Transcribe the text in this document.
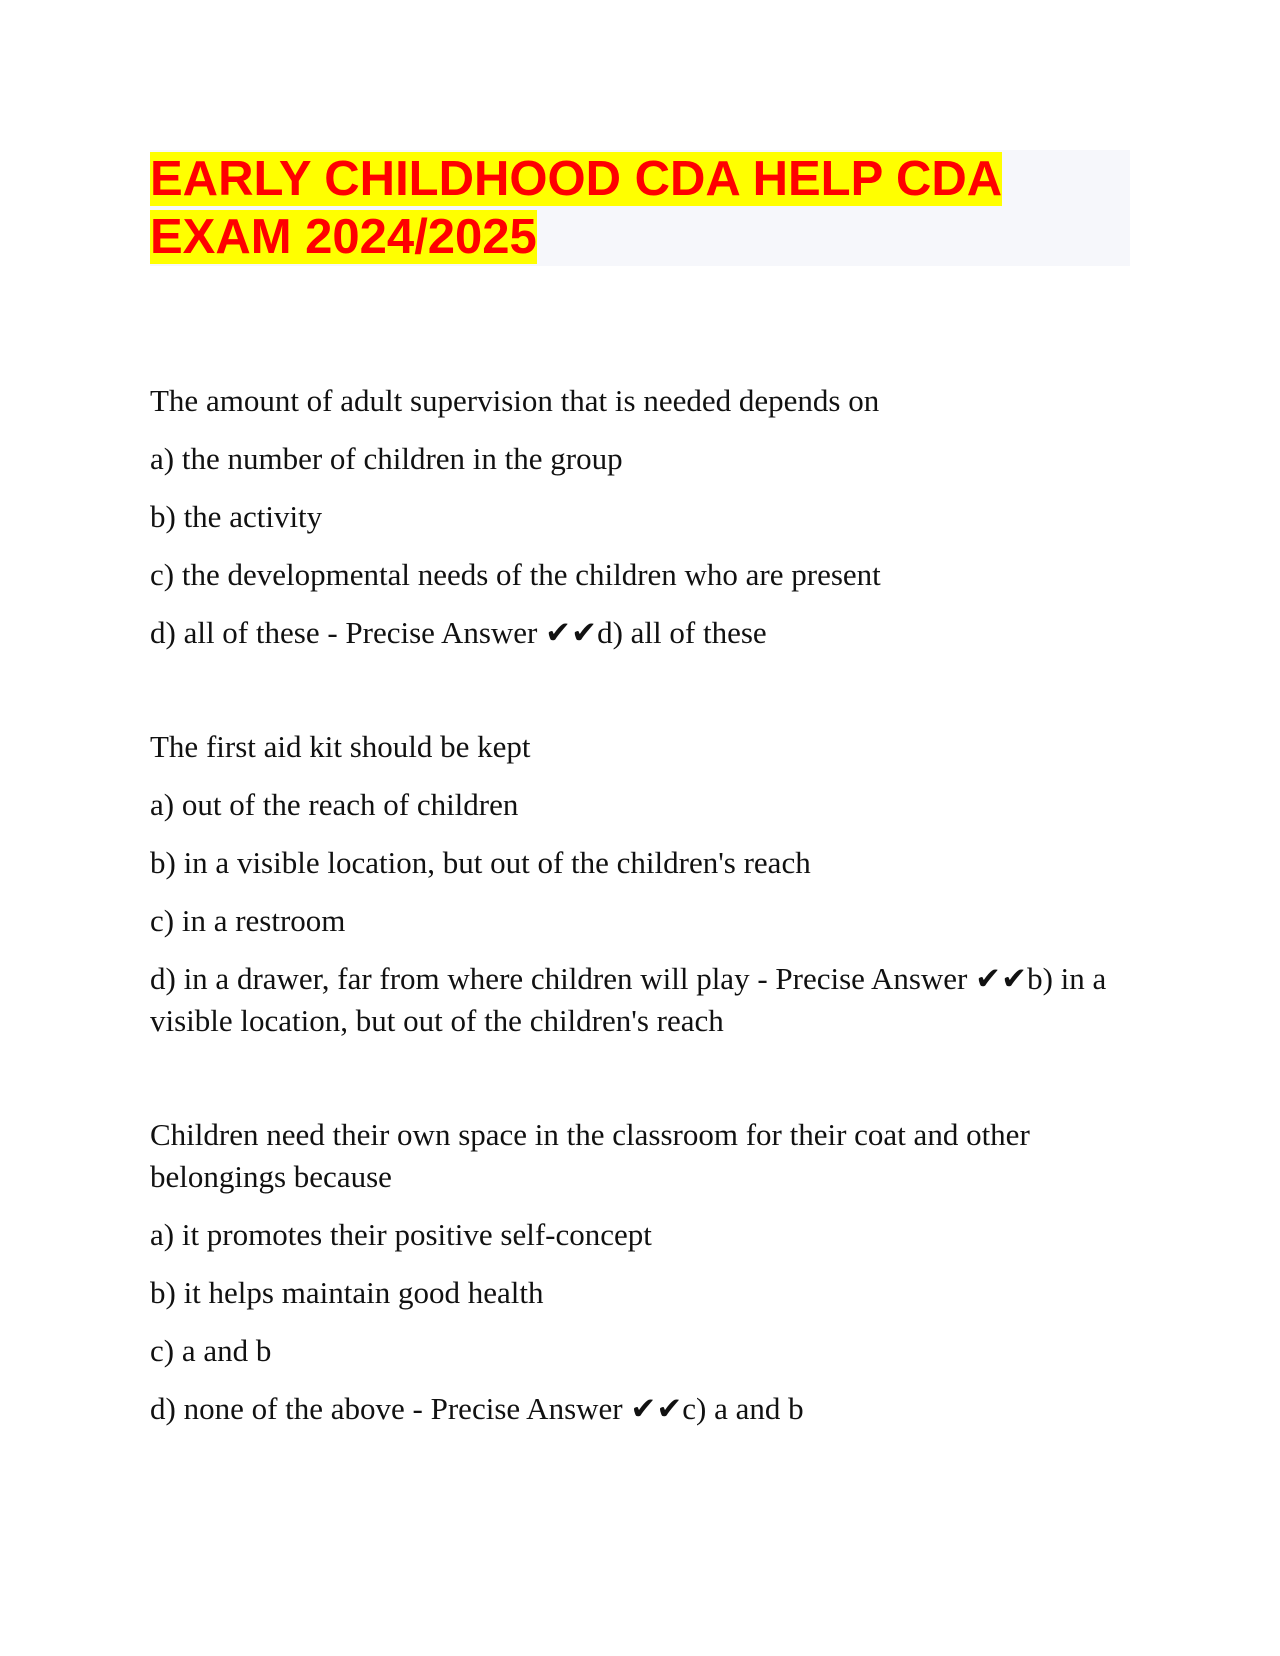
EARLY CHILDHOOD CDA HELP CDA
EXAM 2024/2025

The amount of adult supervision that is needed depends on

a) the number of children in the group

b) the activity

c) the developmental needs of the children who are present

d) all of these - Precise Answer ✔✔d) all of these

The first aid kit should be kept

a) out of the reach of children

b) in a visible location, but out of the children's reach

c) in a restroom

d) in a drawer, far from where children will play - Precise Answer ✔✔b) in a visible location, but out of the children's reach

Children need their own space in the classroom for their coat and other belongings because

a) it promotes their positive self-concept

b) it helps maintain good health

c) a and b

d) none of the above - Precise Answer ✔✔c) a and b
